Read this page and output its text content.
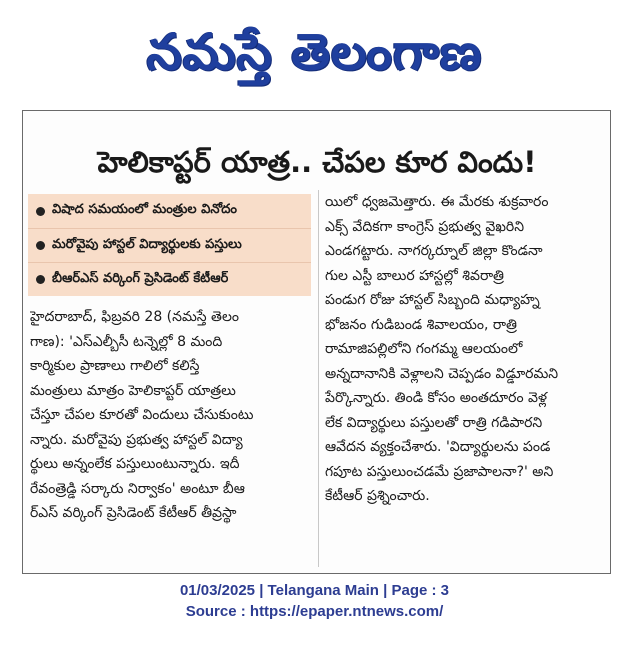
నమస్తే తెలంగాణ
హెలికాప్టర్ యాత్ర.. చేపల కూర విందు!
విషాద సమయంలో మంత్రుల వినోదం
మరోవైపు హాస్టల్ విద్యార్థులకు పస్తులు
బీఆర్ఎస్ వర్కింగ్ ప్రెసిడెంట్ కేటీఆర్
హైదరాబాద్, ఫిబ్రవరి 28 (నమస్తే తెలం
గాణ): 'ఎస్ఎల్బీసీ టన్నెల్లో 8 మంది
కార్మికుల ప్రాణాలు గాలిలో కలిస్తే
మంత్రులు మాత్రం హెలికాప్టర్ యాత్రలు
చేస్తూ చేపల కూరతో విందులు చేసుకుంటు
న్నారు. మరోవైపు ప్రభుత్వ హాస్టల్ విద్యా
ర్థులు అన్నంలేక పస్తులుంటున్నారు. ఇదీ
రేవంత్రెడ్డి సర్కారు నిర్వాకం' అంటూ బీఆ
ర్ఎస్ వర్కింగ్ ప్రెసిడెంట్ కేటీఆర్ తీవ్రస్థా
యిలో ధ్వజమెత్తారు. ఈ మేరకు శుక్రవారం
ఎక్స్ వేదికగా కాంగ్రెస్ ప్రభుత్వ వైఖరిని
ఎండగట్టారు. నాగర్కర్నూల్ జిల్లా కొండనా
గుల ఎస్టీ బాలుర హాస్టల్లో శివరాత్రి
పండుగ రోజు హాస్టల్ సిబ్బంది మధ్యాహ్న
భోజనం గుడిబండ శివాలయం, రాత్రి
రామాజిపల్లిలోని గంగమ్మ ఆలయంలో
అన్నదానానికి వెళ్లాలని చెప్పడం విడ్డూరమని
పేర్కొన్నారు. తిండి కోసం అంతదూరం వెళ్ల
లేక విద్యార్థులు పస్తులతో రాత్రి గడిపారని
ఆవేదన వ్యక్తంచేశారు. 'విద్యార్థులను పండ
గపూట పస్తులుంచడమే ప్రజాపాలనా?' అని
కేటీఆర్ ప్రశ్నించారు.
01/03/2025 | Telangana Main | Page : 3
Source : https://epaper.ntnews.com/
